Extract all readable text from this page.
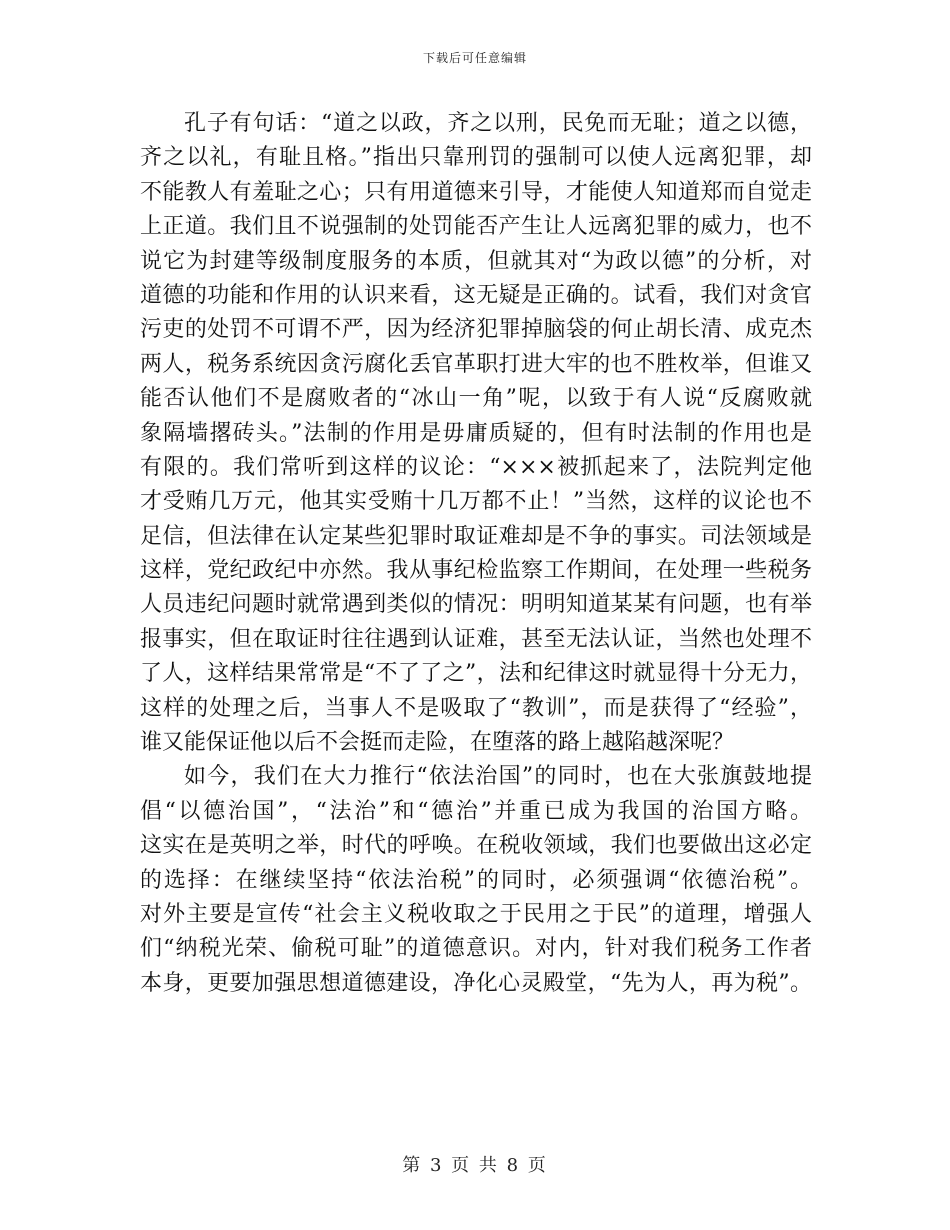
下载后可任意编辑
孔子有句话：“道之以政，齐之以刑，民免而无耻；道之以德，
齐之以礼，有耻且格。”指出只靠刑罚的强制可以使人远离犯罪，却
不能教人有羞耻之心；只有用道德来引导，才能使人知道郑而自觉走
上正道。我们且不说强制的处罚能否产生让人远离犯罪的威力，也不
说它为封建等级制度服务的本质，但就其对“为政以德”的分析，对
道德的功能和作用的认识来看，这无疑是正确的。试看，我们对贪官
污吏的处罚不可谓不严，因为经济犯罪掉脑袋的何止胡长清、成克杰
两人，税务系统因贪污腐化丢官革职打进大牢的也不胜枚举，但谁又
能否认他们不是腐败者的“冰山一角”呢，以致于有人说“反腐败就
象隔墙撂砖头。”法制的作用是毋庸质疑的，但有时法制的作用也是
有限的。我们常听到这样的议论：“×××被抓起来了，法院判定他
才受贿几万元，他其实受贿十几万都不止！”当然，这样的议论也不
足信，但法律在认定某些犯罪时取证难却是不争的事实。司法领域是
这样，党纪政纪中亦然。我从事纪检监察工作期间，在处理一些税务
人员违纪问题时就常遇到类似的情况：明明知道某某有问题，也有举
报事实，但在取证时往往遇到认证难，甚至无法认证，当然也处理不
了人，这样结果常常是“不了了之”，法和纪律这时就显得十分无力，
这样的处理之后，当事人不是吸取了“教训”，而是获得了“经验”，
谁又能保证他以后不会挺而走险，在堕落的路上越陷越深呢？
如今，我们在大力推行“依法治国”的同时，也在大张旗鼓地提
倡“以德治国”，“法治”和“德治”并重已成为我国的治国方略。
这实在是英明之举，时代的呼唤。在税收领域，我们也要做出这必定
的选择：在继续坚持“依法治税”的同时，必须强调“依德治税”。
对外主要是宣传“社会主义税收取之于民用之于民”的道理，增强人
们“纳税光荣、偷税可耻”的道德意识。对内，针对我们税务工作者
本身，更要加强思想道德建设，净化心灵殿堂，“先为人，再为税”。
第 3 页 共 8 页
